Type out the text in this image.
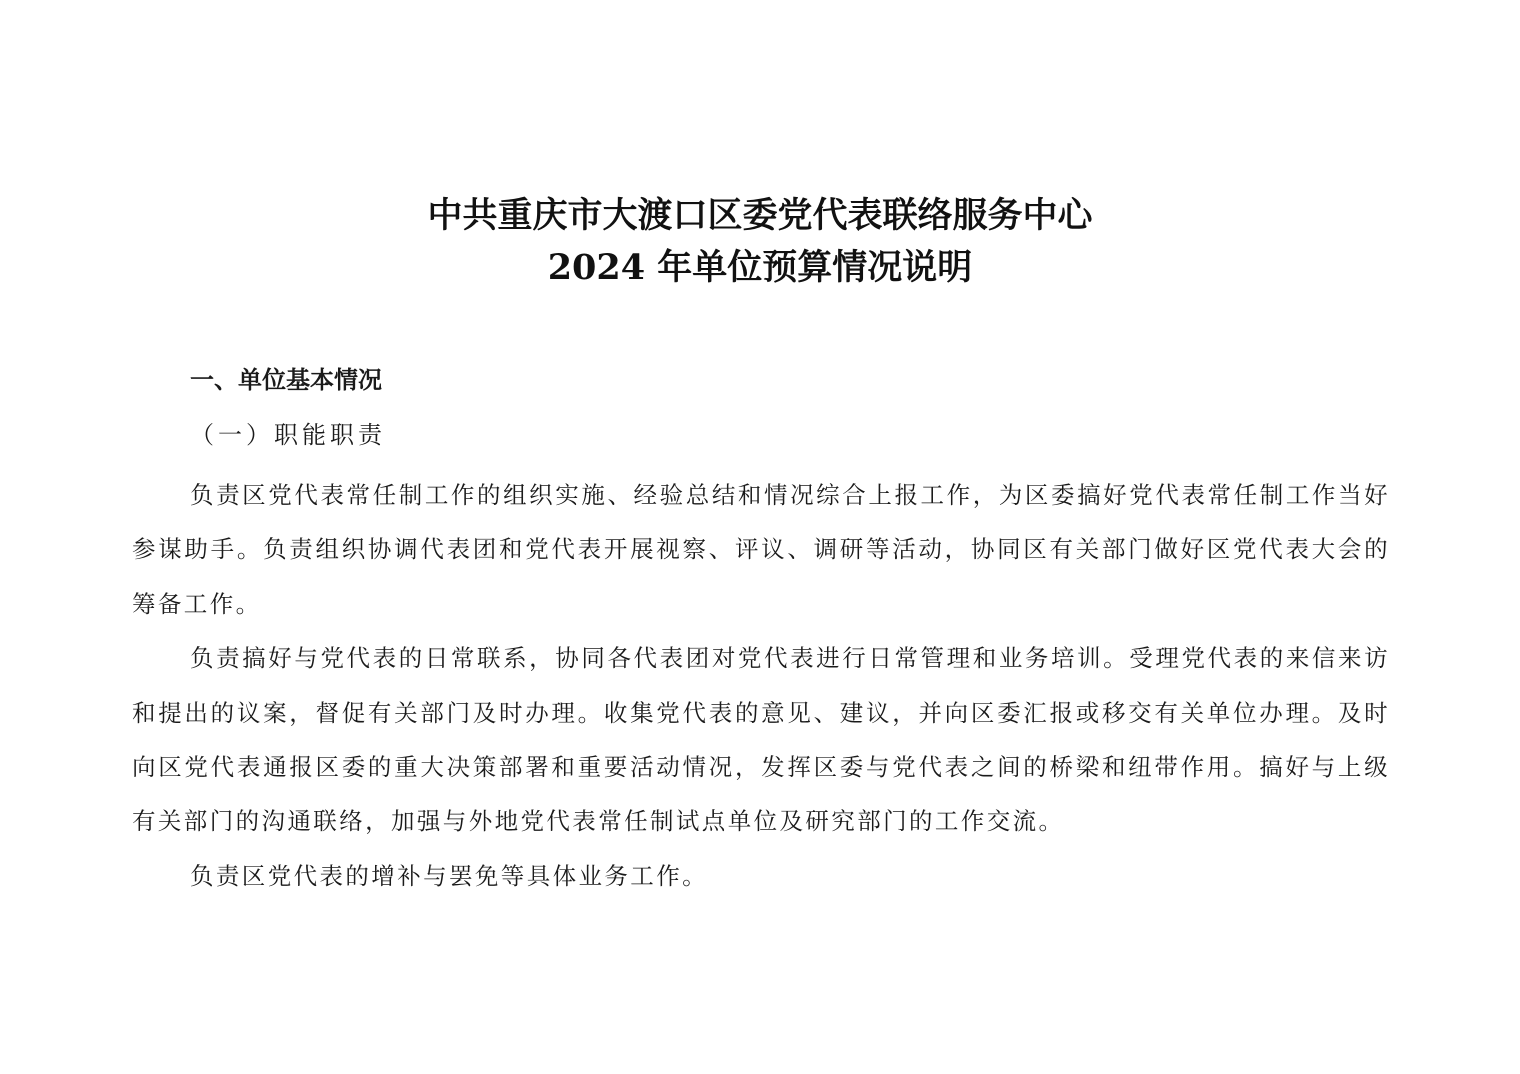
中共重庆市大渡口区委党代表联络服务中心
2024 年单位预算情况说明
一、单位基本情况
（一）职能职责

负责区党代表常任制工作的组织实施、经验总结和情况综合上报工作，为区委搞好党代表常任制工作当好参谋助手。负责组织协调代表团和党代表开展视察、评议、调研等活动，协同区有关部门做好区党代表大会的筹备工作。

负责搞好与党代表的日常联系，协同各代表团对党代表进行日常管理和业务培训。受理党代表的来信来访和提出的议案，督促有关部门及时办理。收集党代表的意见、建议，并向区委汇报或移交有关单位办理。及时向区党代表通报区委的重大决策部署和重要活动情况，发挥区委与党代表之间的桥梁和纽带作用。搞好与上级有关部门的沟通联络，加强与外地党代表常任制试点单位及研究部门的工作交流。

负责区党代表的增补与罢免等具体业务工作。
